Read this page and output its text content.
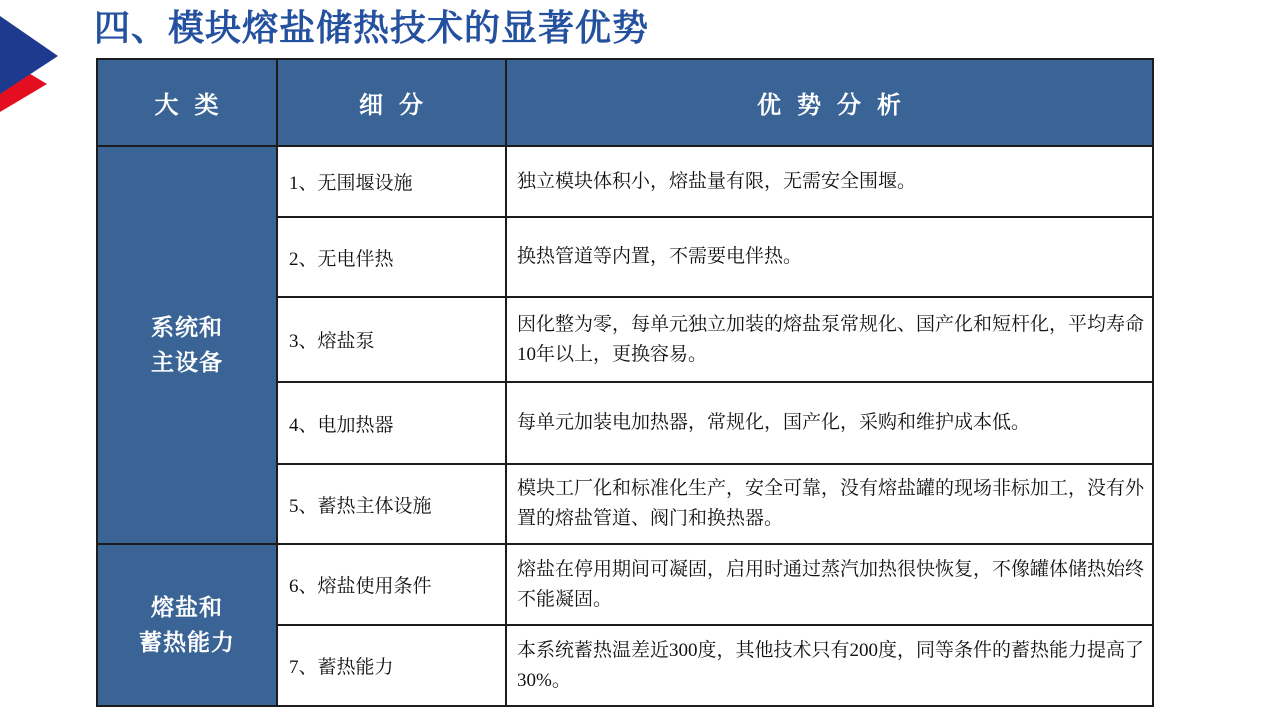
四、模块熔盐储热技术的显著优势
大 类	细 分	优 势 分 析

系统和
主设备	1、无围堰设施	独立模块体积小，熔盐量有限，无需安全围堰。
	2、无电伴热	换热管道等内置，不需要电伴热。
	3、熔盐泵	因化整为零，每单元独立加装的熔盐泵常规化、国产化和短杆化，平均寿命10年以上，更换容易。
	4、电加热器	每单元加装电加热器，常规化，国产化，采购和维护成本低。
	5、蓄热主体设施	模块工厂化和标准化生产，安全可靠，没有熔盐罐的现场非标加工，没有外置的熔盐管道、阀门和换热器。

熔盐和
蓄热能力	6、熔盐使用条件	熔盐在停用期间可凝固，启用时通过蒸汽加热很快恢复，不像罐体储热始终不能凝固。
	7、蓄热能力	本系统蓄热温差近300度，其他技术只有200度，同等条件的蓄热能力提高了30%。
